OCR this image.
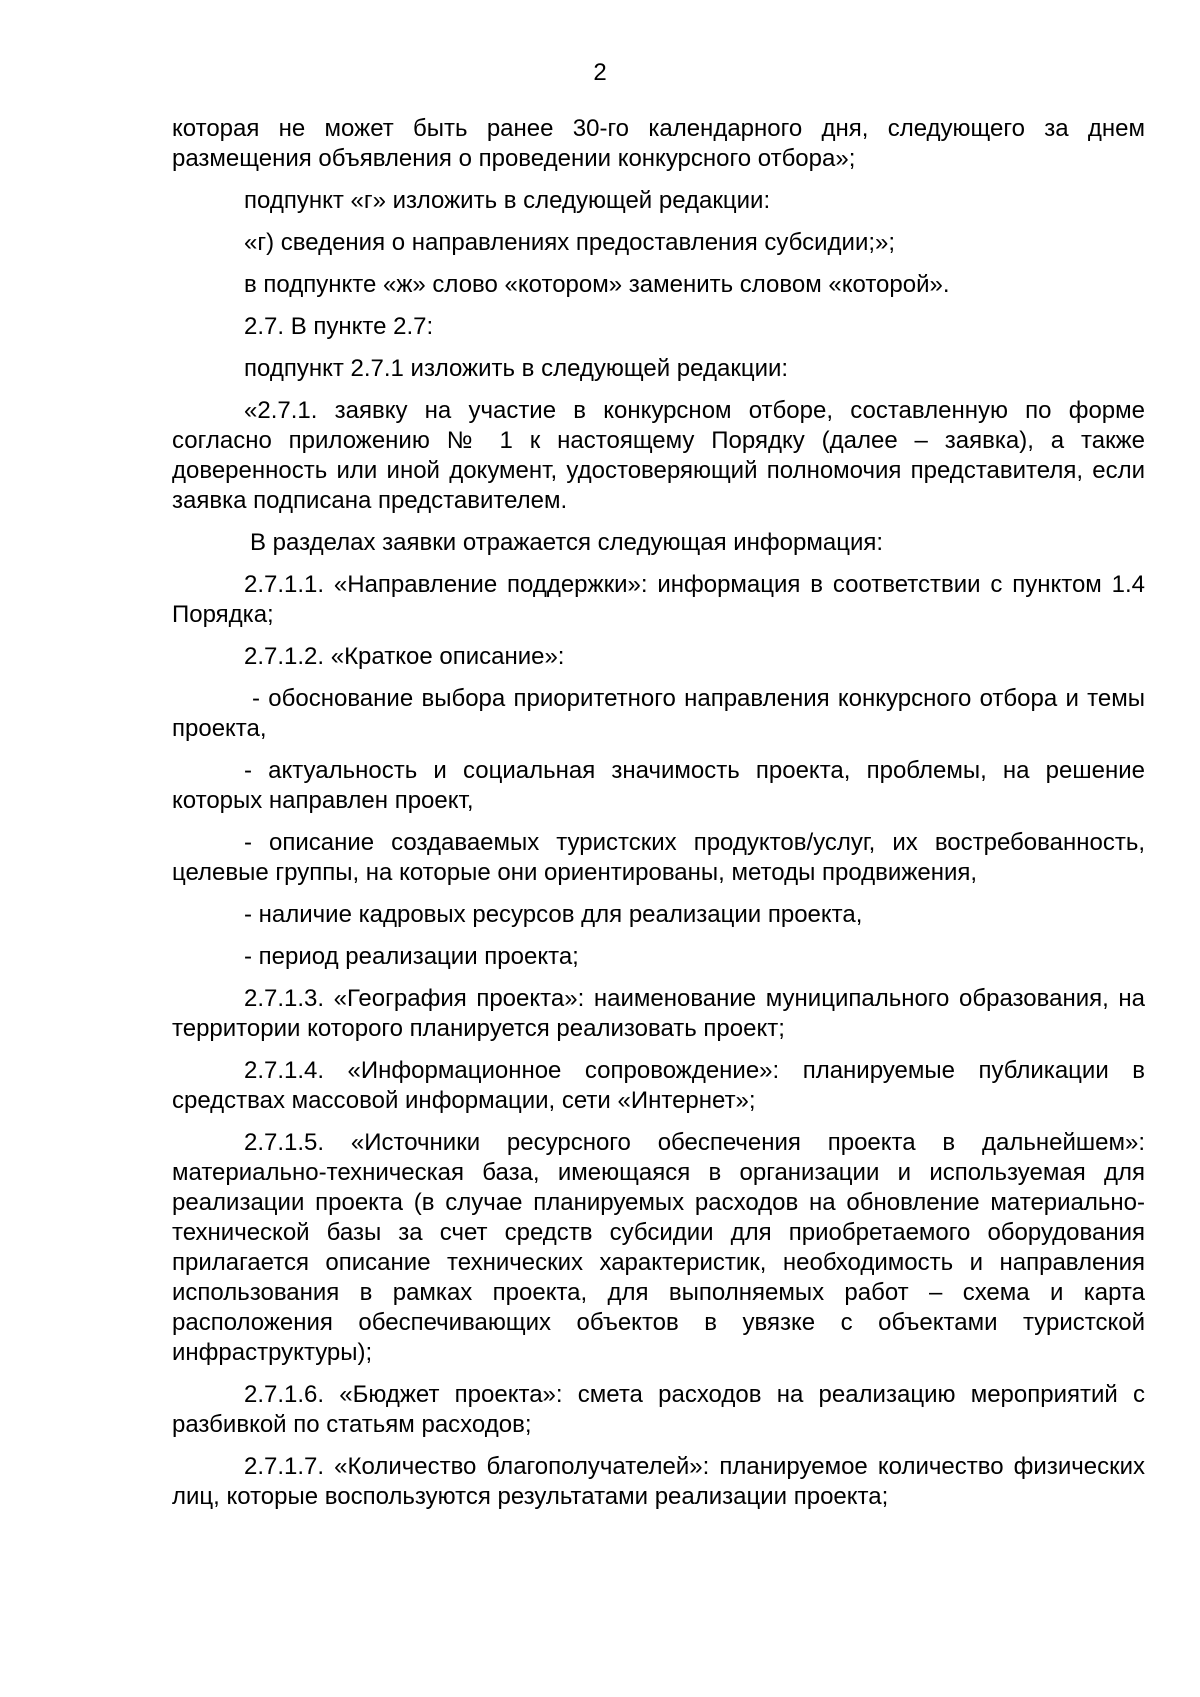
2

которая не может быть ранее 30-го календарного дня, следующего за днем размещения объявления о проведении конкурсного отбора»;

подпункт «г» изложить в следующей редакции:

«г) сведения о направлениях предоставления субсидии;»;

в подпункте «ж» слово «котором» заменить словом «которой».

2.7. В пункте 2.7:

подпункт 2.7.1 изложить в следующей редакции:

«2.7.1. заявку на участие в конкурсном отборе, составленную по форме согласно приложению № 1 к настоящему Порядку (далее – заявка), а также доверенность или иной документ, удостоверяющий полномочия представителя, если заявка подписана представителем.

В разделах заявки отражается следующая информация:

2.7.1.1. «Направление поддержки»: информация в соответствии с пунктом 1.4 Порядка;

2.7.1.2. «Краткое описание»:

- обоснование выбора приоритетного направления конкурсного отбора и темы проекта,

- актуальность и социальная значимость проекта, проблемы, на решение которых направлен проект,

- описание создаваемых туристских продуктов/услуг, их востребованность, целевые группы, на которые они ориентированы, методы продвижения,

- наличие кадровых ресурсов для реализации проекта,

- период реализации проекта;

2.7.1.3. «География проекта»: наименование муниципального образования, на территории которого планируется реализовать проект;

2.7.1.4. «Информационное сопровождение»: планируемые публикации в средствах массовой информации, сети «Интернет»;

2.7.1.5. «Источники ресурсного обеспечения проекта в дальнейшем»: материально-техническая база, имеющаяся в организации и используемая для реализации проекта (в случае планируемых расходов на обновление материально-технической базы за счет средств субсидии для приобретаемого оборудования прилагается описание технических характеристик, необходимость и направления использования в рамках проекта, для выполняемых работ – схема и карта расположения обеспечивающих объектов в увязке с объектами туристской инфраструктуры);

2.7.1.6. «Бюджет проекта»: смета расходов на реализацию мероприятий с разбивкой по статьям расходов;

2.7.1.7. «Количество благополучателей»: планируемое количество физических лиц, которые воспользуются результатами реализации проекта;
